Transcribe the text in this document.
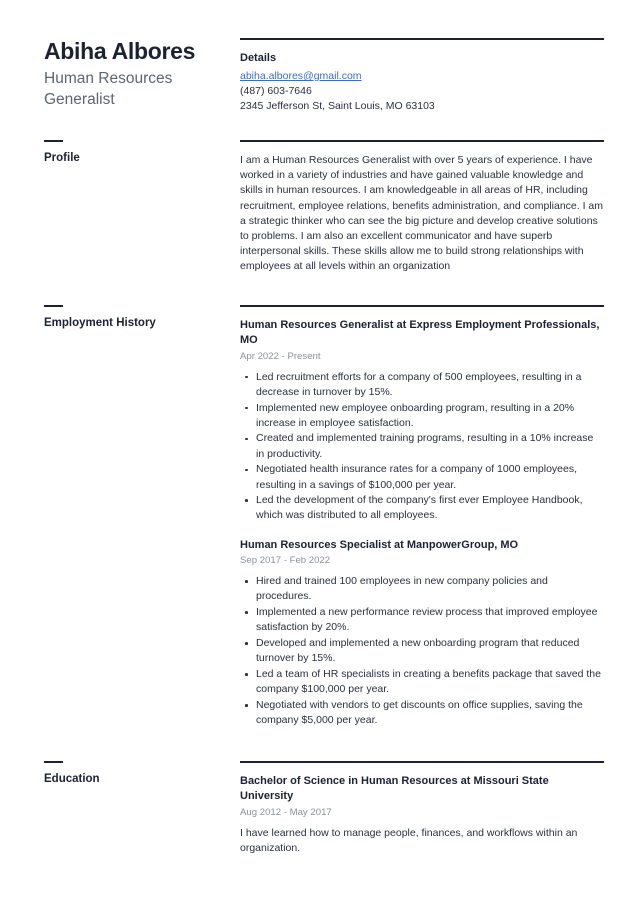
Abiha Albores
Human Resources Generalist
Details
abiha.albores@gmail.com
(487) 603-7646
2345 Jefferson St, Saint Louis, MO 63103
Profile	I am a Human Resources Generalist with over 5 years of experience. I have worked in a variety of industries and have gained valuable knowledge and skills in human resources. I am knowledgeable in all areas of HR, including recruitment, employee relations, benefits administration, and compliance. I am a strategic thinker who can see the big picture and develop creative solutions to problems. I am also an excellent communicator and have superb interpersonal skills. These skills allow me to build strong relationships with employees at all levels within an organization

Employment History	Human Resources Generalist at Express Employment Professionals, MO
Apr 2022 - Present
Led recruitment efforts for a company of 500 employees, resulting in a decrease in turnover by 15%.
Implemented new employee onboarding program, resulting in a 20% increase in employee satisfaction.
Created and implemented training programs, resulting in a 10% increase in productivity.
Negotiated health insurance rates for a company of 1000 employees, resulting in a savings of $100,000 per year.
Led the development of the company's first ever Employee Handbook, which was distributed to all employees.
Human Resources Specialist at ManpowerGroup, MO
Sep 2017 - Feb 2022
Hired and trained 100 employees in new company policies and procedures.
Implemented a new performance review process that improved employee satisfaction by 20%.
Developed and implemented a new onboarding program that reduced turnover by 15%.
Led a team of HR specialists in creating a benefits package that saved the company $100,000 per year.
Negotiated with vendors to get discounts on office supplies, saving the company $5,000 per year.
Education	Bachelor of Science in Human Resources at Missouri State University
Aug 2012 - May 2017

I have learned how to manage people, finances, and workflows within an organization.
